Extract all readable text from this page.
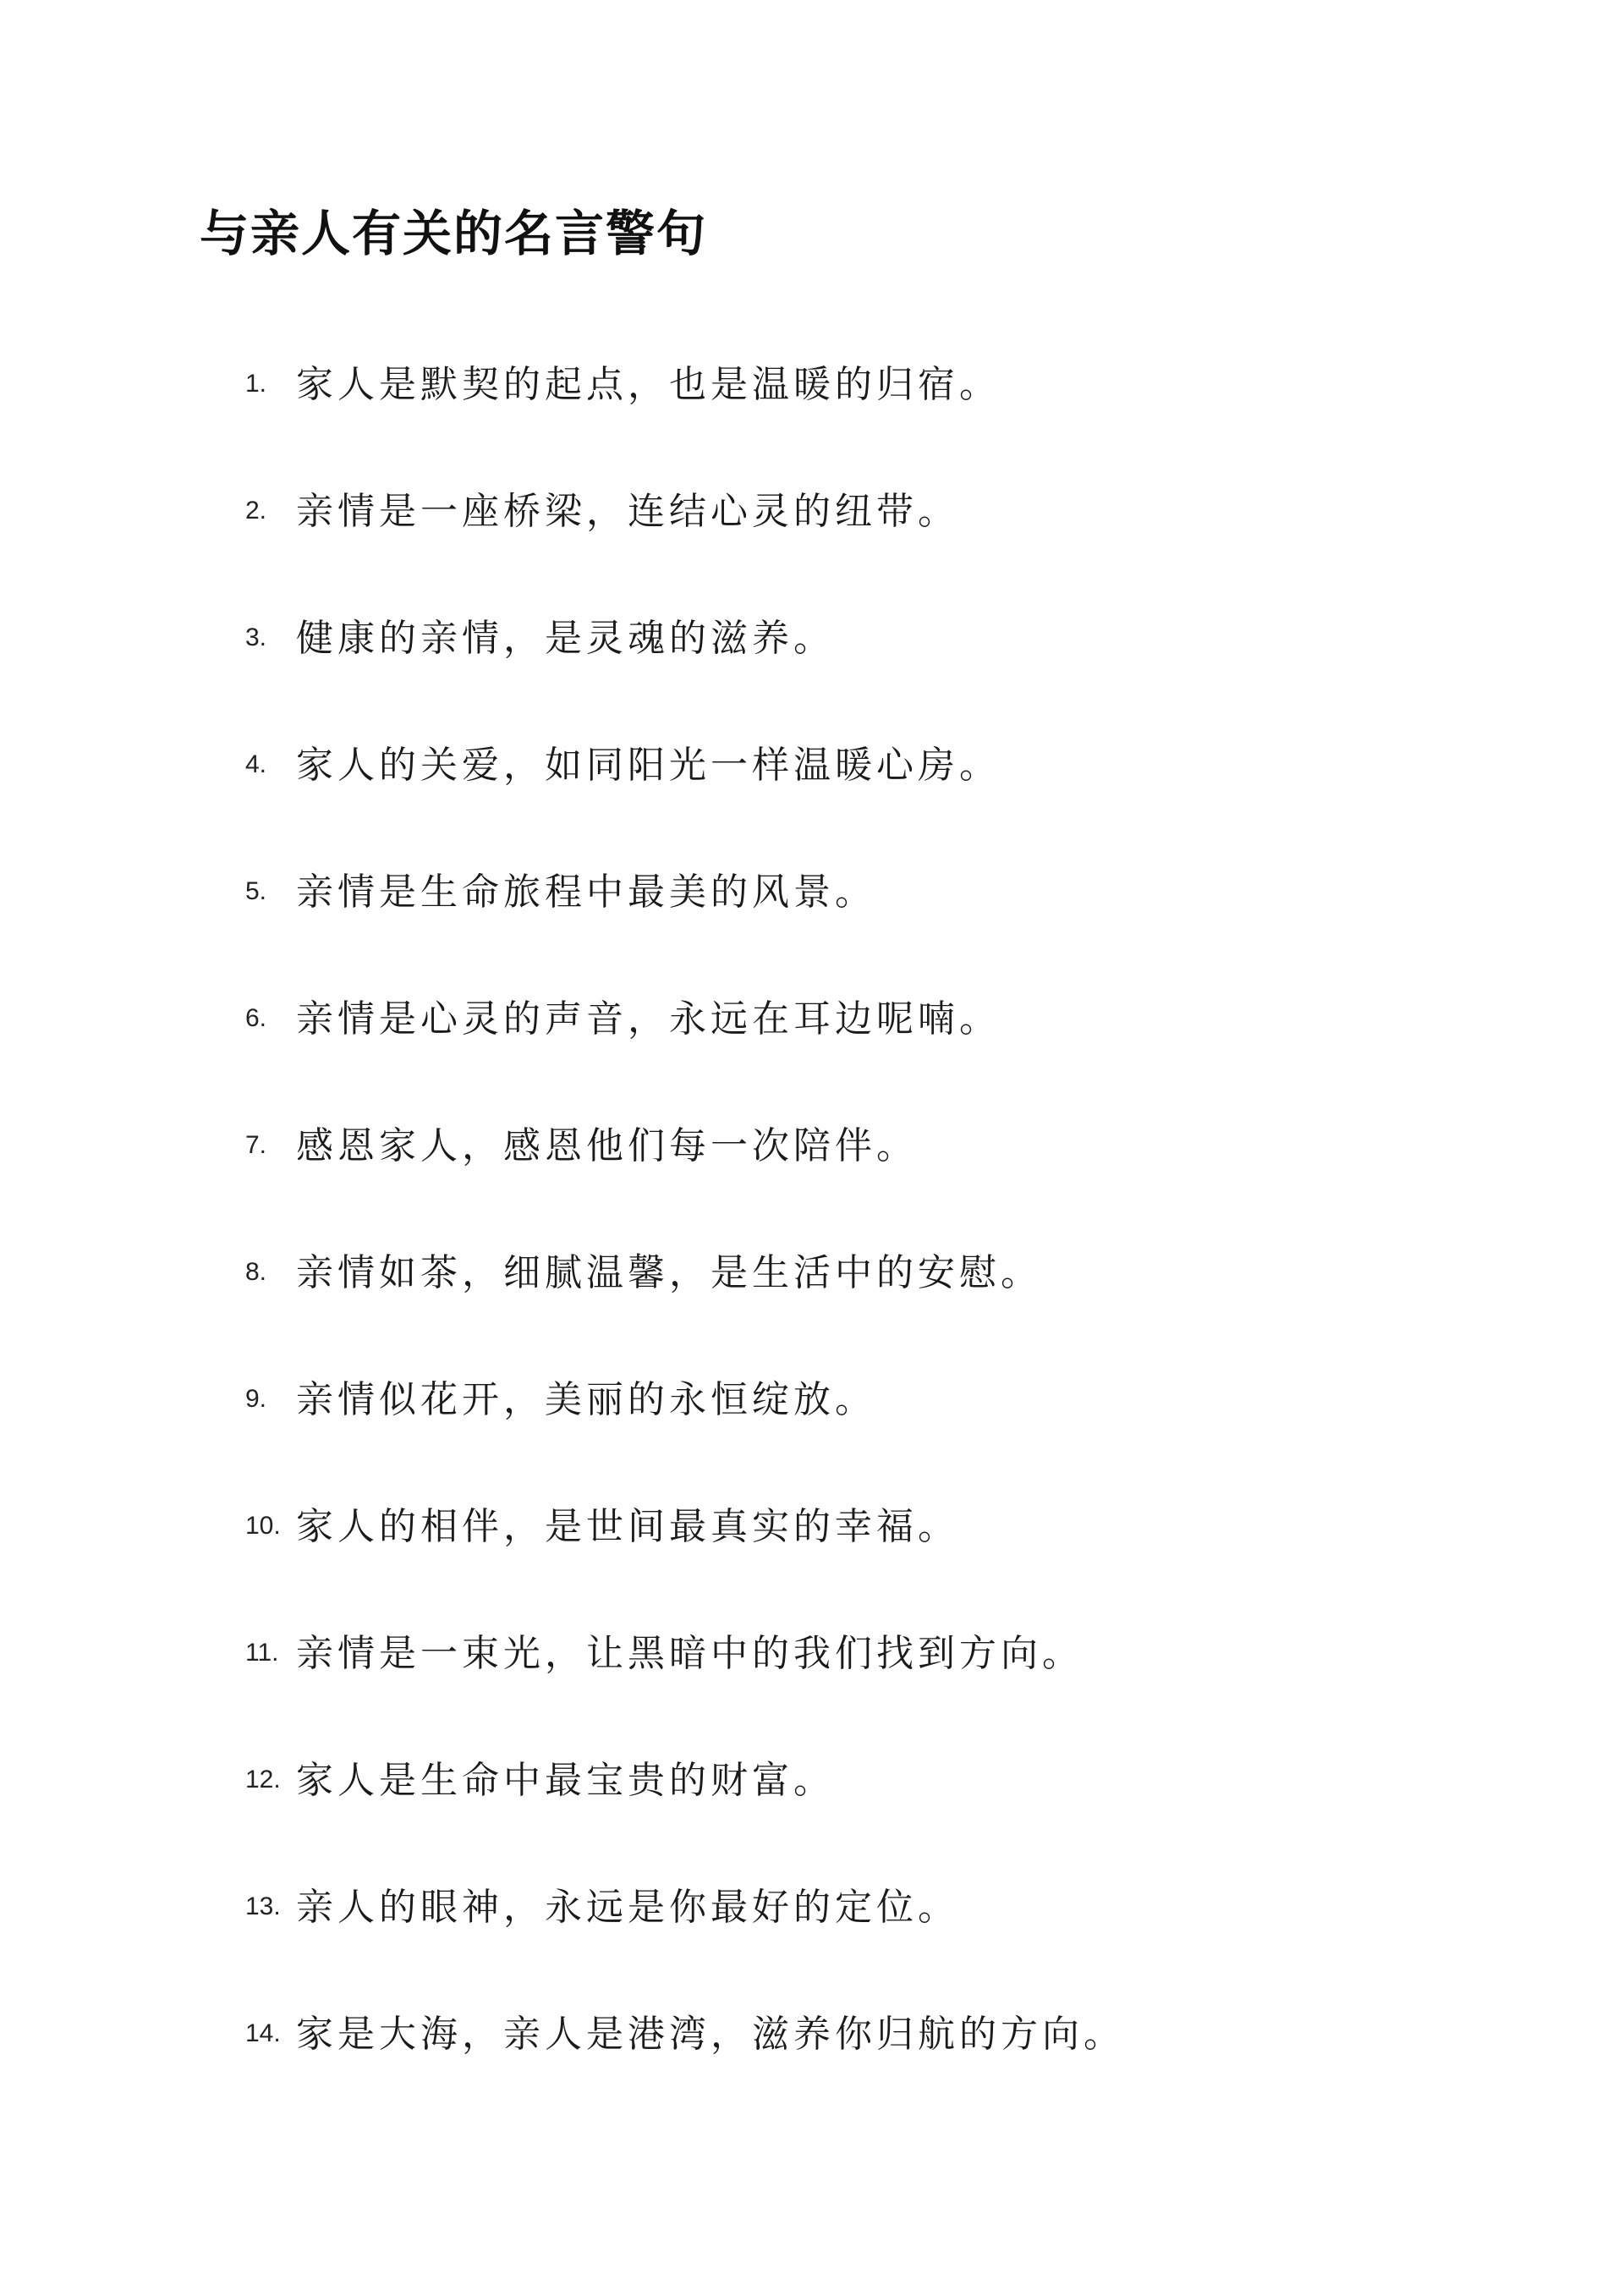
与亲人有关的名言警句
1. 家人是默契的起点，也是温暖的归宿。
2. 亲情是一座桥梁，连结心灵的纽带。
3. 健康的亲情，是灵魂的滋养。
4. 家人的关爱，如同阳光一样温暖心房。
5. 亲情是生命旅程中最美的风景。
6. 亲情是心灵的声音，永远在耳边呢喃。
7. 感恩家人，感恩他们每一次陪伴。
8. 亲情如茶，细腻温馨，是生活中的安慰。
9. 亲情似花开，美丽的永恒绽放。
10. 家人的相伴，是世间最真实的幸福。
11. 亲情是一束光，让黑暗中的我们找到方向。
12. 家人是生命中最宝贵的财富。
13. 亲人的眼神，永远是你最好的定位。
14. 家是大海，亲人是港湾，滋养你归航的方向。
